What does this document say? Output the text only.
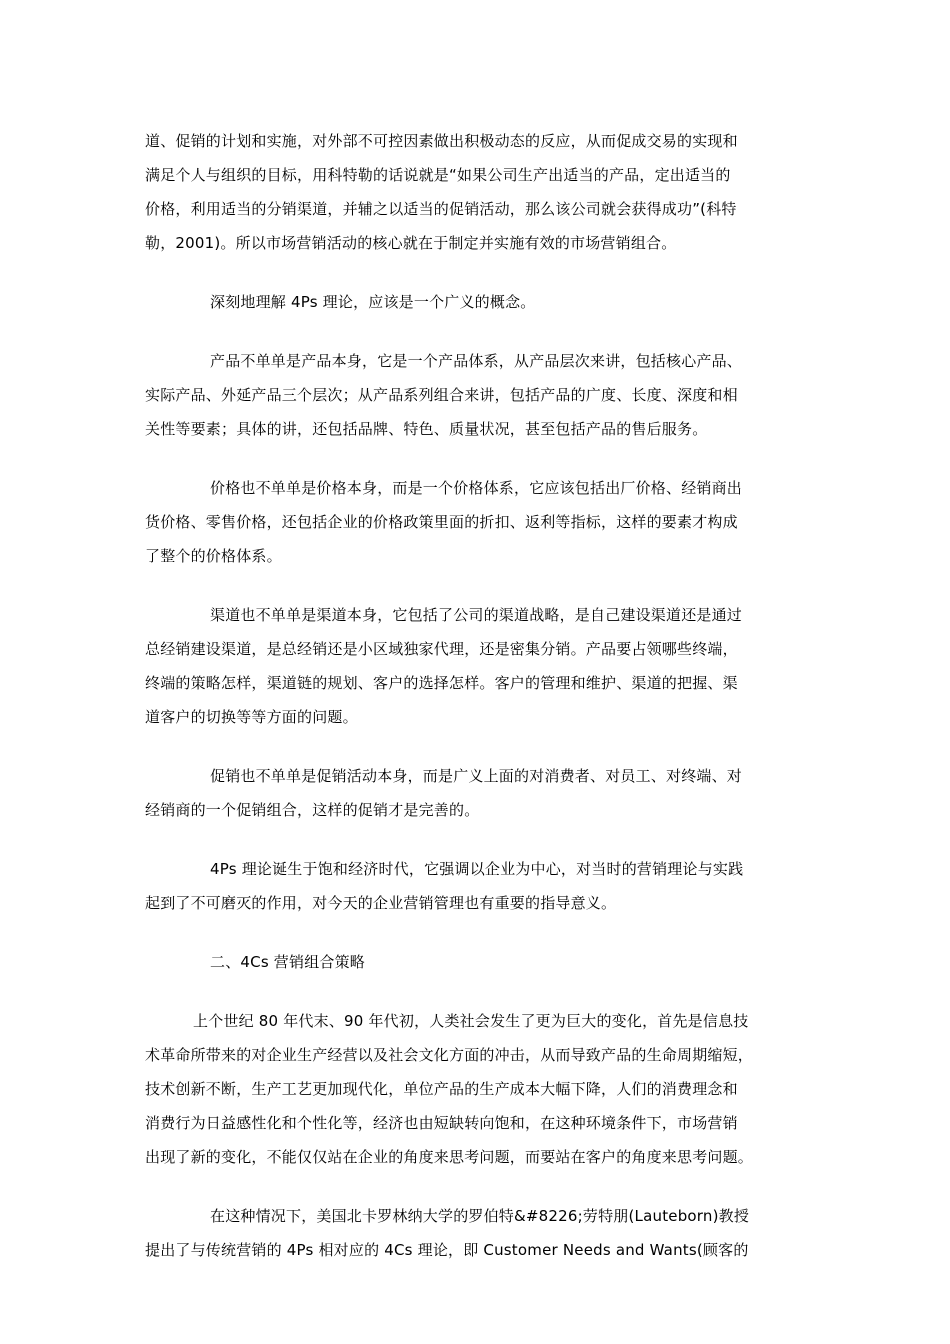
道、促销的计划和实施，对外部不可控因素做出积极动态的反应，从而促成交易的实现和
满足个人与组织的目标，用科特勒的话说就是“如果公司生产出适当的产品，定出适当的
价格，利用适当的分销渠道，并辅之以适当的促销活动，那么该公司就会获得成功”(科特
勒，2001)。所以市场营销活动的核心就在于制定并实施有效的市场营销组合。
深刻地理解 4Ps 理论，应该是一个广义的概念。
产品不单单是产品本身，它是一个产品体系，从产品层次来讲，包括核心产品、
实际产品、外延产品三个层次；从产品系列组合来讲，包括产品的广度、长度、深度和相
关性等要素；具体的讲，还包括品牌、特色、质量状况，甚至包括产品的售后服务。
价格也不单单是价格本身，而是一个价格体系，它应该包括出厂价格、经销商出
货价格、零售价格，还包括企业的价格政策里面的折扣、返利等指标，这样的要素才构成
了整个的价格体系。
渠道也不单单是渠道本身，它包括了公司的渠道战略，是自己建设渠道还是通过
总经销建设渠道，是总经销还是小区域独家代理，还是密集分销。产品要占领哪些终端，
终端的策略怎样，渠道链的规划、客户的选择怎样。客户的管理和维护、渠道的把握、渠
道客户的切换等等方面的问题。
促销也不单单是促销活动本身，而是广义上面的对消费者、对员工、对终端、对
经销商的一个促销组合，这样的促销才是完善的。
4Ps 理论诞生于饱和经济时代，它强调以企业为中心，对当时的营销理论与实践
起到了不可磨灭的作用，对今天的企业营销管理也有重要的指导意义。
二、4Cs 营销组合策略
上个世纪 80 年代末、90 年代初，人类社会发生了更为巨大的变化，首先是信息技
术革命所带来的对企业生产经营以及社会文化方面的冲击，从而导致产品的生命周期缩短，
技术创新不断，生产工艺更加现代化，单位产品的生产成本大幅下降，人们的消费理念和
消费行为日益感性化和个性化等，经济也由短缺转向饱和，在这种环境条件下，市场营销
出现了新的变化，不能仅仅站在企业的角度来思考问题，而要站在客户的角度来思考问题。
在这种情况下，美国北卡罗林纳大学的罗伯特&#8226;劳特朋(Lauteborn)教授
提出了与传统营销的 4Ps 相对应的 4Cs 理论，即 Customer Needs and Wants(顾客的
